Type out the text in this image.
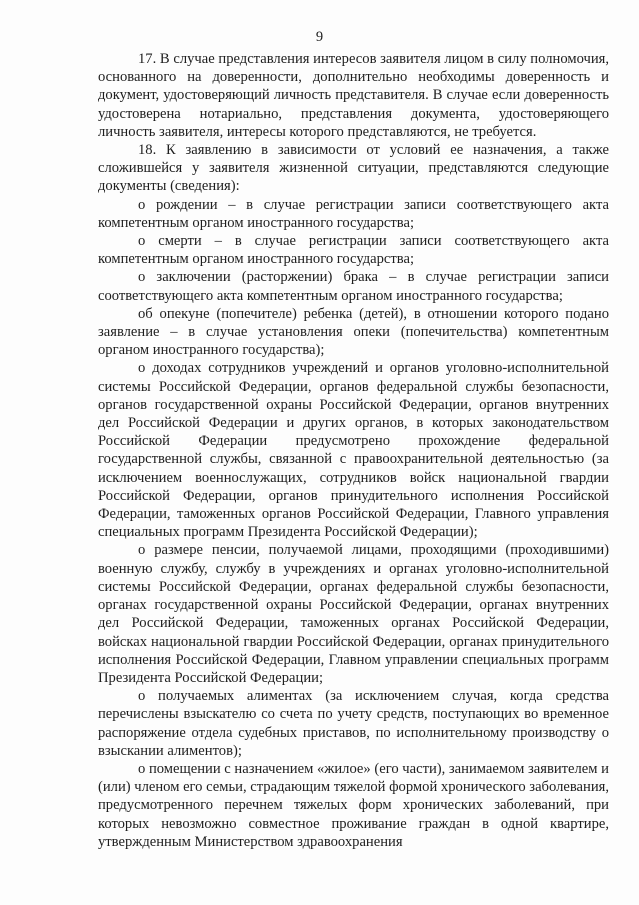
9

17. В случае представления интересов заявителя лицом в силу полномочия, основанного на доверенности, дополнительно необходимы доверенность и документ, удостоверяющий личность представителя. В случае если доверенность удостоверена нотариально, представления документа, удостоверяющего личность заявителя, интересы которого представляются, не требуется.

18. К заявлению в зависимости от условий ее назначения, а также сложившейся у заявителя жизненной ситуации, представляются следующие документы (сведения):

о рождении – в случае регистрации записи соответствующего акта компетентным органом иностранного государства;

о смерти – в случае регистрации записи соответствующего акта компетентным органом иностранного государства;

о заключении (расторжении) брака – в случае регистрации записи соответствующего акта компетентным органом иностранного государства;

об опекуне (попечителе) ребенка (детей), в отношении которого подано заявление – в случае установления опеки (попечительства) компетентным органом иностранного государства);

о доходах сотрудников учреждений и органов уголовно-исполнительной системы Российской Федерации, органов федеральной службы безопасности, органов государственной охраны Российской Федерации, органов внутренних дел Российской Федерации и других органов, в которых законодательством Российской Федерации предусмотрено прохождение федеральной государственной службы, связанной с правоохранительной деятельностью (за исключением военнослужащих, сотрудников войск национальной гвардии Российской Федерации, органов принудительного исполнения Российской Федерации, таможенных органов Российской Федерации, Главного управления специальных программ Президента Российской Федерации);

о размере пенсии, получаемой лицами, проходящими (проходившими) военную службу, службу в учреждениях и органах уголовно-исполнительной системы Российской Федерации, органах федеральной службы безопасности, органах государственной охраны Российской Федерации, органах внутренних дел Российской Федерации, таможенных органах Российской Федерации, войсках национальной гвардии Российской Федерации, органах принудительного исполнения Российской Федерации, Главном управлении специальных программ Президента Российской Федерации;

о получаемых алиментах (за исключением случая, когда средства перечислены взыскателю со счета по учету средств, поступающих во временное распоряжение отдела судебных приставов, по исполнительному производству о взыскании алиментов);

о помещении с назначением «жилое» (его части), занимаемом заявителем и (или) членом его семьи, страдающим тяжелой формой хронического заболевания, предусмотренного перечнем тяжелых форм хронических заболеваний, при которых невозможно совместное проживание граждан в одной квартире, утвержденным Министерством здравоохранения
